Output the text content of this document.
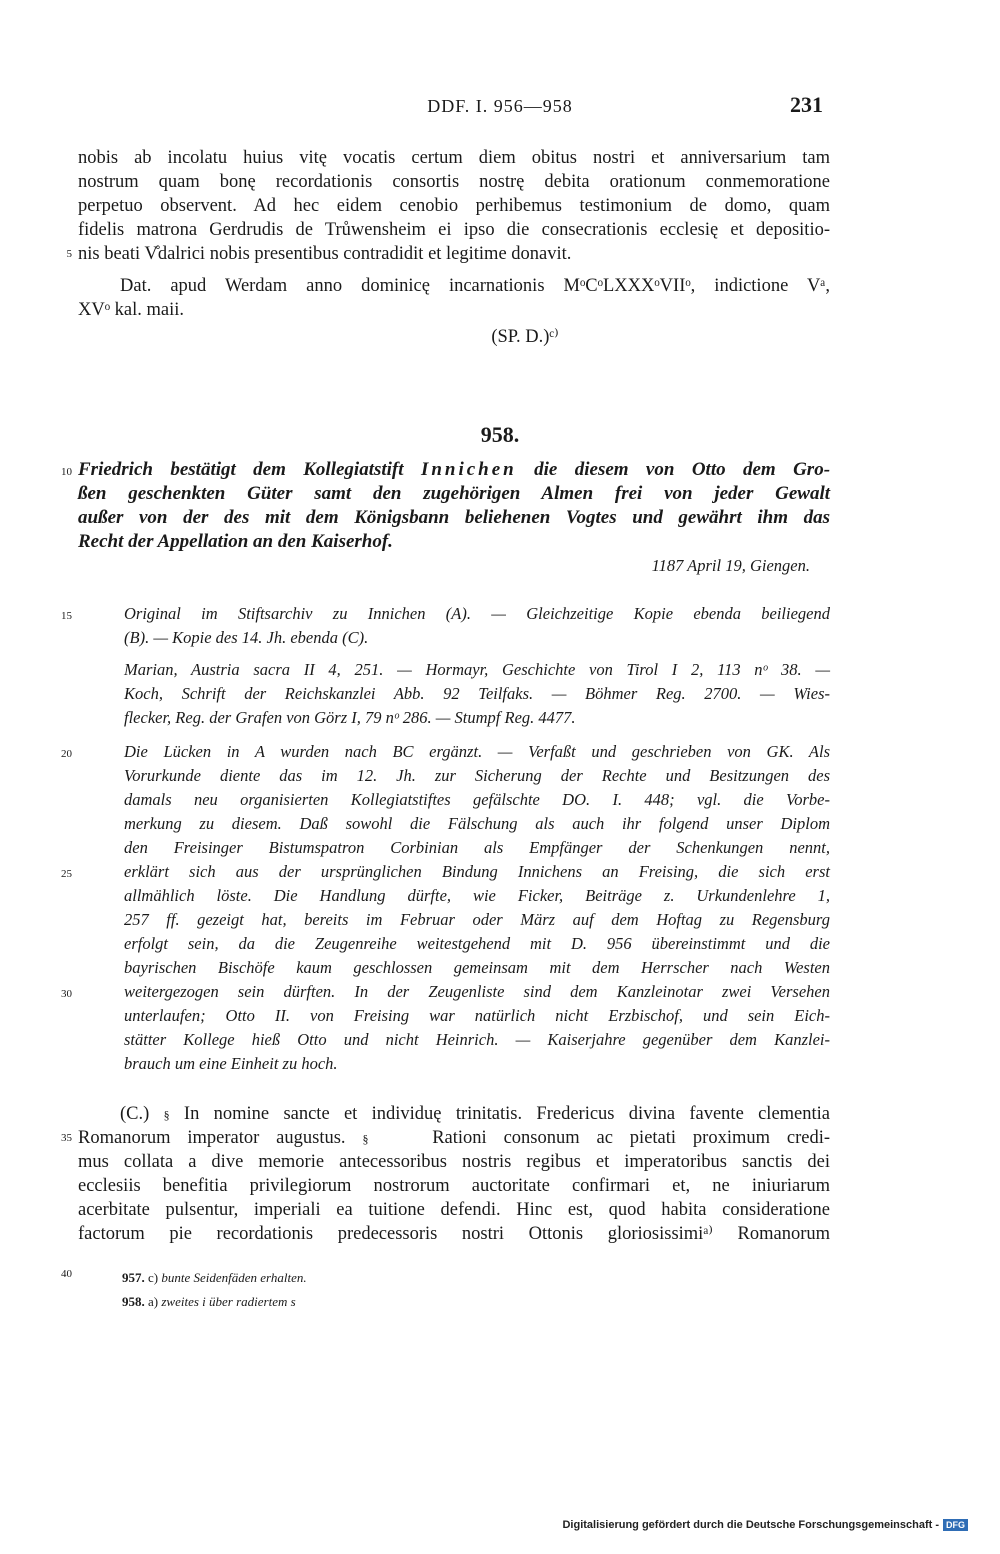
DDF. I. 956—958	231
nobis ab incolatu huius vitę vocatis certum diem obitus nostri et anniversarium tam
nostrum quam bonę recordationis consortis nostrę debita orationum conmemoratione
perpetuo observent. Ad hec eidem cenobio perhibemus testimonium de domo, quam
fidelis matrona Gerdrudis de Trůwensheim ei ipso die consecrationis ecclesię et depositio-
nis beati V̊dalrici nobis presentibus contradidit et legitime donavit.
5
Dat. apud Werdam anno dominicę incarnationis MᵒCᵒLXXXᵒVIIᵒ, indictione Vᵃ,
XVᵒ kal. maii.
(SP. D.)ᶜ⁾
958.
10 Friedrich bestätigt dem Kollegiatstift Innichen die diesem von Otto dem Gro-
ßen geschenkten Güter samt den zugehörigen Almen frei von jeder Gewalt
außer von der des mit dem Königsbann beliehenen Vogtes und gewährt ihm das
Recht der Appellation an den Kaiserhof.
1187 April 19, Giengen.
15	Original im Stiftsarchiv zu Innichen (A). — Gleichzeitige Kopie ebenda beiliegend
(B). — Kopie des 14. Jh. ebenda (C).
Marian, Austria sacra II 4, 251. — Hormayr, Geschichte von Tirol I 2, 113 nᵒ 38. —
Koch, Schrift der Reichskanzlei Abb. 92 Teilfaks. — Böhmer Reg. 2700. — Wies-
flecker, Reg. der Grafen von Görz I, 79 nᵒ 286. — Stumpf Reg. 4477.
20	Die Lücken in A wurden nach BC ergänzt. — Verfaßt und geschrieben von GK. Als
Vorurkunde diente das im 12. Jh. zur Sicherung der Rechte und Besitzungen des
damals neu organisierten Kollegiatstiftes gefälschte DO. I. 448; vgl. die Vorbe-
merkung zu diesem. Daß sowohl die Fälschung als auch ihr folgend unser Diplom
den Freisinger Bistumspatron Corbinian als Empfänger der Schenkungen nennt,
25	erklärt sich aus der ursprünglichen Bindung Innichens an Freising, die sich erst
allmählich löste. Die Handlung dürfte, wie Ficker, Beiträge z. Urkundenlehre 1,
257 ff. gezeigt hat, bereits im Februar oder März auf dem Hoftag zu Regensburg
erfolgt sein, da die Zeugenreihe weitestgehend mit D. 956 übereinstimmt und die
bayrischen Bischöfe kaum geschlossen gemeinsam mit dem Herrscher nach Westen
30	weitergezogen sein dürften. In der Zeugenliste sind dem Kanzleinotar zwei Versehen
unterlaufen; Otto II. von Freising war natürlich nicht Erzbischof, und sein Eich-
stätter Kollege hieß Otto und nicht Heinrich. — Kaiserjahre gegenüber dem Kanzlei-
brauch um eine Einheit zu hoch.
(C.) § In nomine sancte et individuę trinitatis. Fredericus divina favente clementia
35 Romanorum imperator augustus. §	Rationi consonum ac pietati proximum credi-
mus collata a dive memorie antecessoribus nostris regibus et imperatoribus sanctis dei
ecclesiis benefitia privilegiorum nostrorum auctoritate confirmari et, ne iniuriarum
acerbitate pulsentur, imperiali ea tuitione defendi. Hinc est, quod habita consideratione
factorum pie recordationis predecessoris nostri Ottonis gloriosissimiᵃ⁾ Romanorum
40	957. c) bunte Seidenfäden erhalten.
958. a) zweites i über radiertem s
Digitalisierung gefördert durch die Deutsche Forschungsgemeinschaft - DFG
